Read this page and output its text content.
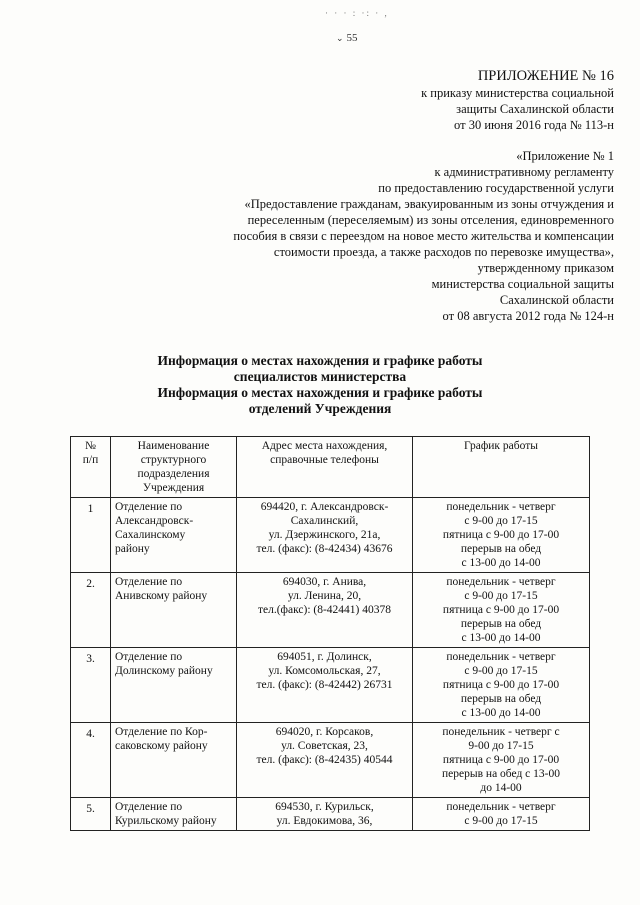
· · · : ·: · ,
⌄ 55
ПРИЛОЖЕНИЕ № 16
к приказу министерства социальной
защиты Сахалинской области
от 30 июня 2016 года № 113-н
«Приложение № 1
к административному регламенту
по предоставлению государственной услуги
«Предоставление гражданам, эвакуированным из зоны отчуждения и
переселенным (переселяемым) из зоны отселения, единовременного
пособия в связи с переездом на новое место жительства и компенсации
стоимости проезда, а также расходов по перевозке имущества»,
утвержденному приказом
министерства социальной защиты
Сахалинской области
от 08 августа 2012 года № 124-н
Информация о местах нахождения и графике работы
специалистов министерства
Информация о местах нахождения и графике работы
отделений Учреждения
№
п/п	Наименование
структурного
подразделения
Учреждения	Адрес места нахождения,
справочные телефоны	График работы

1	Отделение по
Александровск-
Сахалинскому
району	694420, г. Александровск-
Сахалинский,
ул. Дзержинского, 21а,
тел. (факс): (8-42434) 43676	понедельник - четверг
с 9-00 до 17-15
пятница с 9-00 до 17-00
перерыв на обед
с 13-00 до 14-00

2.	Отделение по
Анивскому району	694030, г. Анива,
ул. Ленина, 20,
тел.(факс): (8-42441) 40378	понедельник - четверг
с 9-00 до 17-15
пятница с 9-00 до 17-00
перерыв на обед
с 13-00 до 14-00

3.	Отделение по
Долинскому району	694051, г. Долинск,
ул. Комсомольская, 27,
тел. (факс): (8-42442) 26731	понедельник - четверг
с 9-00 до 17-15
пятница с 9-00 до 17-00
перерыв на обед
с 13-00 до 14-00

4.	Отделение по Кор-
саковскому району	694020, г. Корсаков,
ул. Советская, 23,
тел. (факс): (8-42435) 40544	понедельник - четверг с
9-00 до 17-15
пятница с 9-00 до 17-00
перерыв на обед с 13-00
до 14-00

5.	Отделение по
Курильскому району	694530, г. Курильск,
ул. Евдокимова, 36,	понедельник - четверг
с 9-00 до 17-15
